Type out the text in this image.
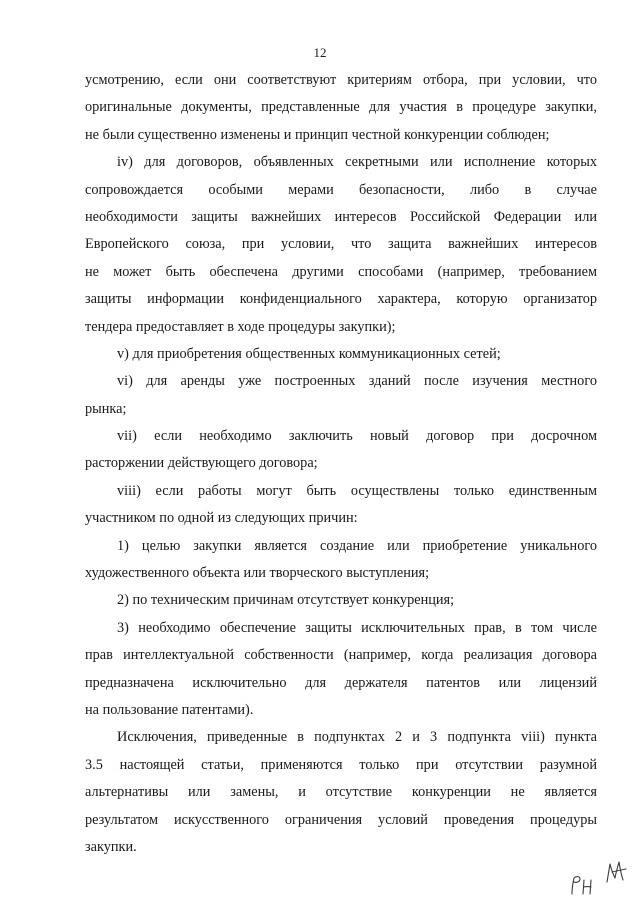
12

усмотрению, если они соответствуют критериям отбора, при условии, что
оригинальные документы, представленные для участия в процедуре закупки,
не были существенно изменены и принцип честной конкуренции соблюден;

iv) для договоров, объявленных секретными или исполнение которых
сопровождается особыми мерами безопасности, либо в случае
необходимости защиты важнейших интересов Российской Федерации или
Европейского союза, при условии, что защита важнейших интересов
не может быть обеспечена другими способами (например, требованием
защиты информации конфиденциального характера, которую организатор
тендера предоставляет в ходе процедуры закупки);

v) для приобретения общественных коммуникационных сетей;

vi) для аренды уже построенных зданий после изучения местного
рынка;

vii) если необходимо заключить новый договор при досрочном
расторжении действующего договора;

viii) если работы могут быть осуществлены только единственным
участником по одной из следующих причин:

1) целью закупки является создание или приобретение уникального
художественного объекта или творческого выступления;

2) по техническим причинам отсутствует конкуренция;

3) необходимо обеспечение защиты исключительных прав, в том числе
прав интеллектуальной собственности (например, когда реализация договора
предназначена исключительно для держателя патентов или лицензий
на пользование патентами).

Исключения, приведенные в подпунктах 2 и 3 подпункта viii) пункта
3.5 настоящей статьи, применяются только при отсутствии разумной
альтернативы или замены, и отсутствие конкуренции не является
результатом искусственного ограничения условий проведения процедуры
закупки.
